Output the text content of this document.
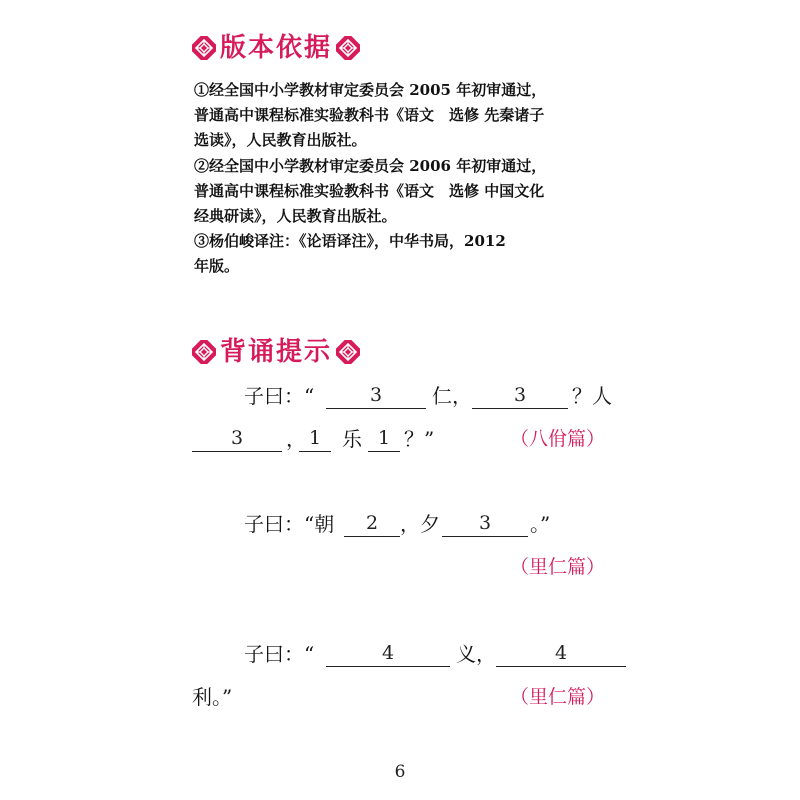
版本依据

①经全国中小学教材审定委员会 2005 年初审通过，

普通高中课程标准实验教科书《语文　选修 先秦诸子

选读》，人民教育出版社。

②经全国中小学教材审定委员会 2006 年初审通过，

普通高中课程标准实验教科书《语文　选修 中国文化

经典研读》，人民教育出版社。

③杨伯峻译注：《论语译注》，中华书局，2012

年版。

背诵提示
子曰：“	3	仁，	3	？人
3	， 1	乐 1 ？”	（八佾篇）
子曰：“朝	2	，夕	3	。”
（里仁篇）
子曰：“	4	义，	4
利。”	（里仁篇）
6
